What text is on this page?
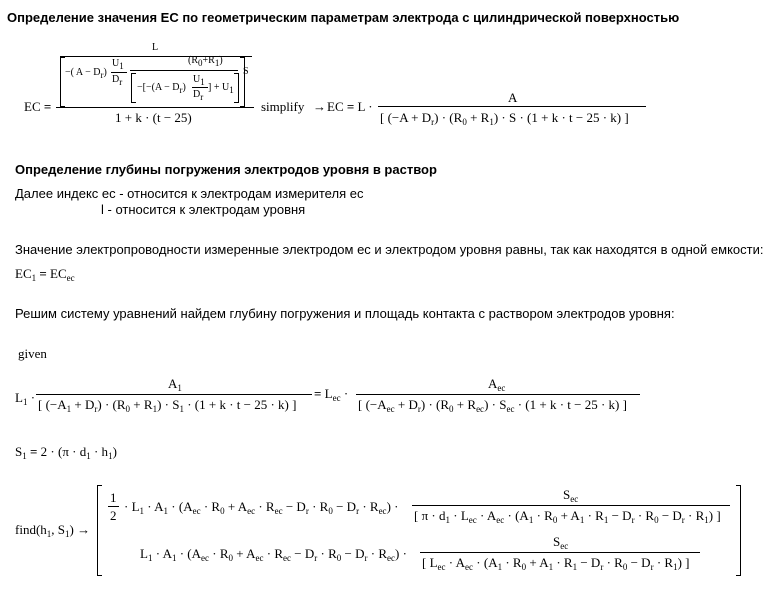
Определение значения EC по геометрическим параметрам электрода с цилиндрической поверхностью
EC =
L
−( $A - D_r$)
$U_1$
$D_r$
$(R_0+R_1)$
$-[-(A - D_r)$
$U_1$
$D_r$
] + $U_1$
S
1 + k · (t − 25)
simplify → EC = L ·
A
[ $(-A + D_r) \cdot (R_0 + R_1) \cdot S \cdot (1 + k \cdot t - 25 \cdot k)$ ]
Определение глубины погружения электродов уровня в раствор
Далее индекс ec - относится к электродам измерителя ec
l - относится к электродам уровня
Значение электропроводности измеренные электродом ec и электродом уровня равны, так как находятся в одной емкости:
$EC_1 = EC_{ec}$
Решим систему уравнений найдем глубину погружения и площадь контакта с раствором электродов уровня:
given
$L_1$ ·
$A_1$
[ $(-A_1 + D_r) \cdot (R_0 + R_1) \cdot S_1 \cdot (1 + k \cdot t - 25 \cdot k)$ ]
= $L_{ec}$ ·
$A_{ec}$
[ $(-A_{ec} + D_r) \cdot (R_0 + R_{ec}) \cdot S_{ec} \cdot (1 + k \cdot t - 25 \cdot k)$ ]
$S_1 = 2 \cdot (\pi \cdot d_1 \cdot h_1)$
$find(h_1$, $S_1$) →
1
2
· $L_1 \cdot A_1 \cdot (A_{ec} \cdot R_0 + A_{ec} \cdot R_{ec} - D_r \cdot R_0 - D_r \cdot R_{ec})$ ·
$S_{ec}$
[ $\pi \cdot d_1 \cdot L_{ec} \cdot A_{ec} \cdot (A_1 \cdot R_0 + A_1 \cdot R_1 - D_r \cdot R_0 - D_r \cdot R_1)$ ]
$L_1 \cdot A_1 \cdot (A_{ec} \cdot R_0 + A_{ec} \cdot R_{ec} - D_r \cdot R_0 - D_r \cdot R_{ec})$ ·
$S_{ec}$
[ $L_{ec} \cdot A_{ec} \cdot (A_1 \cdot R_0 + A_1 \cdot R_1 - D_r \cdot R_0 - D_r \cdot R_1)$ ]
